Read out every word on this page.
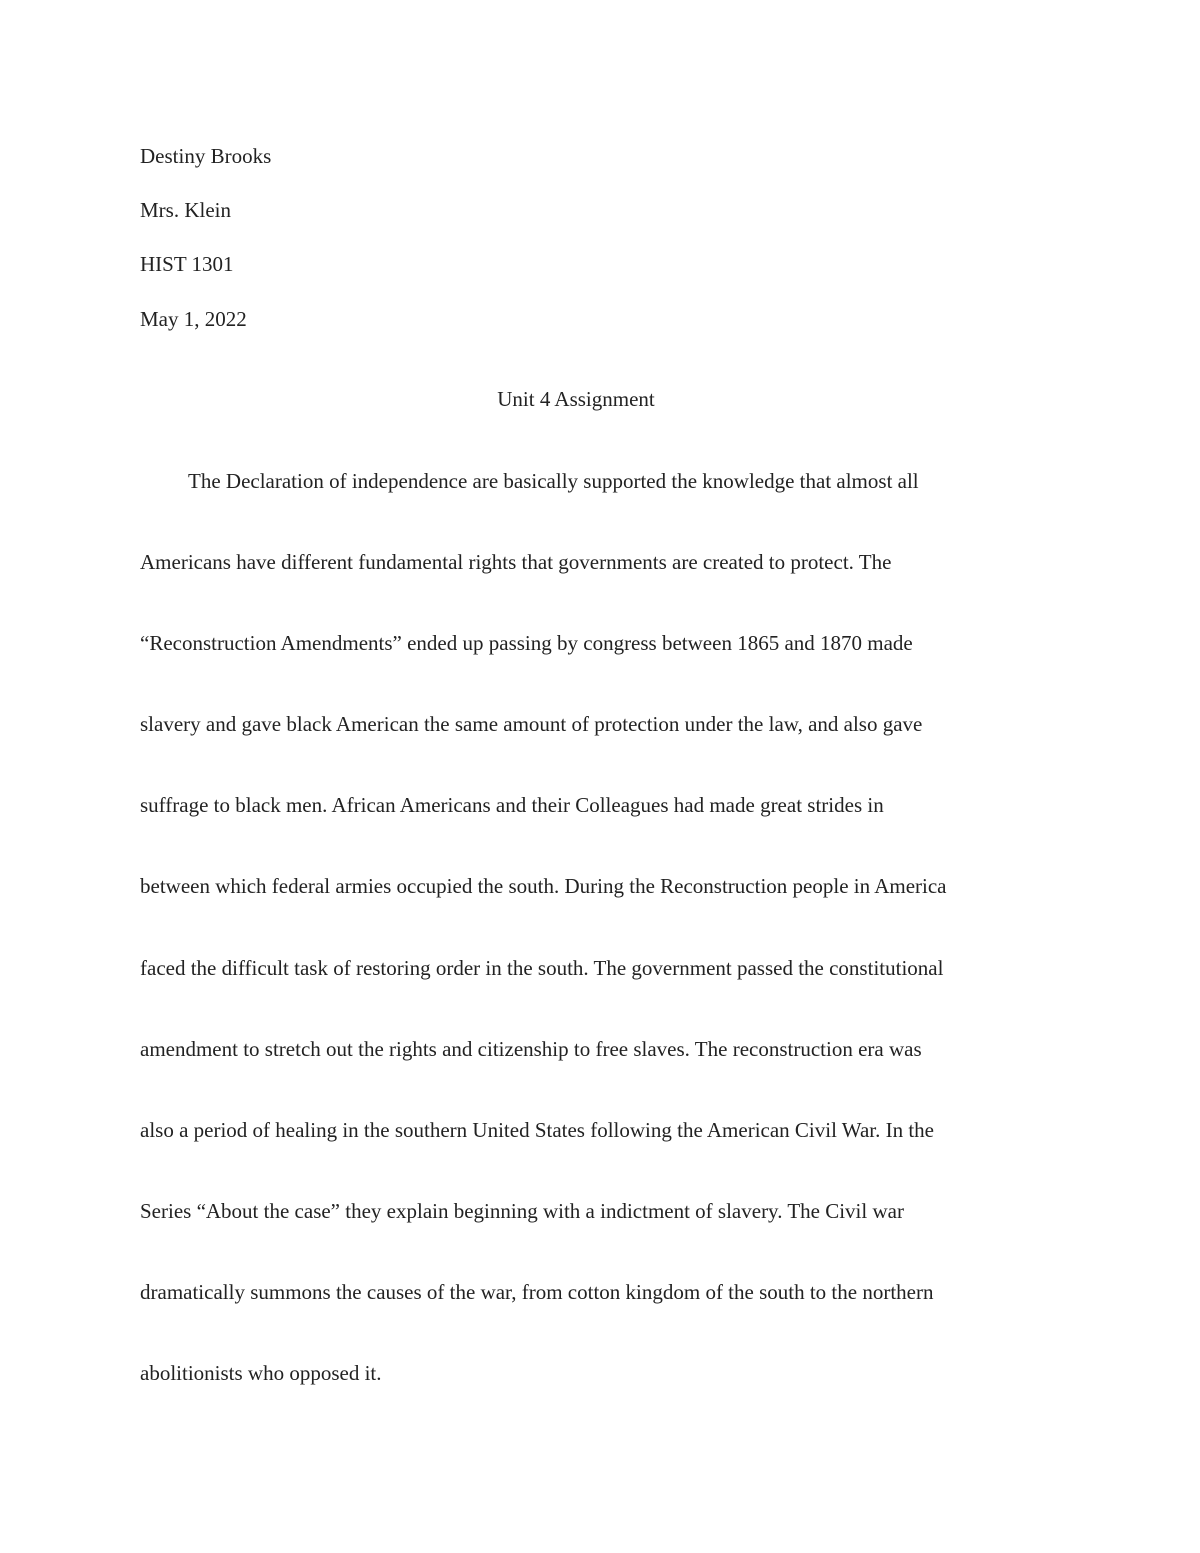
Destiny Brooks
Mrs. Klein
HIST 1301
May 1, 2022
Unit 4 Assignment
The Declaration of independence are basically supported the knowledge that almost all
Americans have different fundamental rights that governments are created to protect. The
“Reconstruction Amendments” ended up passing by congress between 1865 and 1870 made
slavery and gave black American the same amount of protection under the law, and also gave
suffrage to black men. African Americans and their Colleagues had made great strides in
between which federal armies occupied the south. During the Reconstruction people in America
faced the difficult task of restoring order in the south. The government passed the constitutional
amendment to stretch out the rights and citizenship to free slaves. The reconstruction era was
also a period of healing in the southern United States following the American Civil War. In the
Series “About the case” they explain beginning with a indictment of slavery. The Civil war
dramatically summons the causes of the war, from cotton kingdom of the south to the northern
abolitionists who opposed it.
